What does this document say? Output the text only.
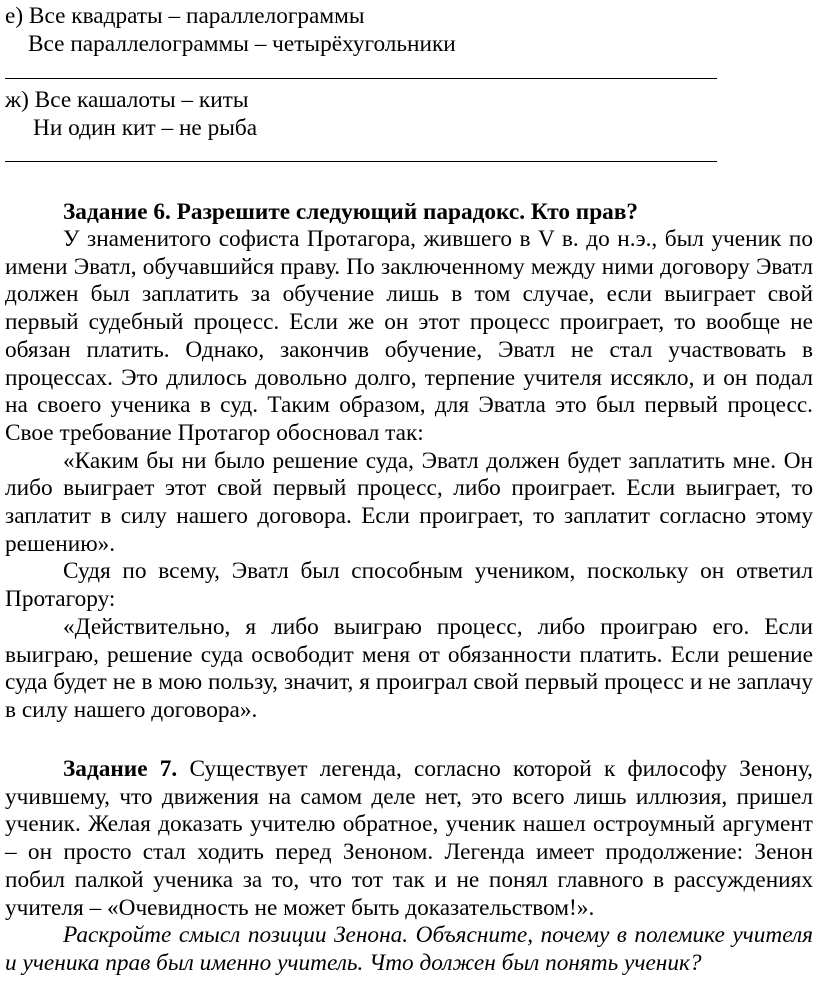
е) Все квадраты – параллелограммы
Все параллелограммы – четырёхугольники
ж) Все кашалоты – киты
Ни один кит – не рыба
Задание 6. Разрешите следующий парадокс. Кто прав?

У знаменитого софиста Протагора, жившего в V в. до н.э., был ученик по имени Эватл, обучавшийся праву. По заключенному между ними договору Эватл должен был заплатить за обучение лишь в том случае, если выиграет свой первый судебный процесс. Если же он этот процесс проиграет, то вообще не обязан платить. Однако, закончив обучение, Эватл не стал участвовать в процессах. Это длилось довольно долго, терпение учителя иссякло, и он подал на своего ученика в суд. Таким образом, для Эватла это был первый процесс. Свое требование Протагор обосновал так:

«Каким бы ни было решение суда, Эватл должен будет заплатить мне. Он либо выиграет этот свой первый процесс, либо проиграет. Если выиграет, то заплатит в силу нашего договора. Если проиграет, то заплатит согласно этому решению».

Судя по всему, Эватл был способным учеником, поскольку он ответил Протагору:

«Действительно, я либо выиграю процесс, либо проиграю его. Если выиграю, решение суда освободит меня от обязанности платить. Если решение суда будет не в мою пользу, значит, я проиграл свой первый процесс и не заплачу в силу нашего договора».

Задание 7. Существует легенда, согласно которой к философу Зенону, учившему, что движения на самом деле нет, это всего лишь иллюзия, пришел ученик. Желая доказать учителю обратное, ученик нашел остроумный аргумент – он просто стал ходить перед Зеноном. Легенда имеет продолжение: Зенон побил палкой ученика за то, что тот так и не понял главного в рассуждениях учителя – «Очевидность не может быть доказательством!».

Раскройте смысл позиции Зенона. Объясните, почему в полемике учителя и ученика прав был именно учитель. Что должен был понять ученик?
